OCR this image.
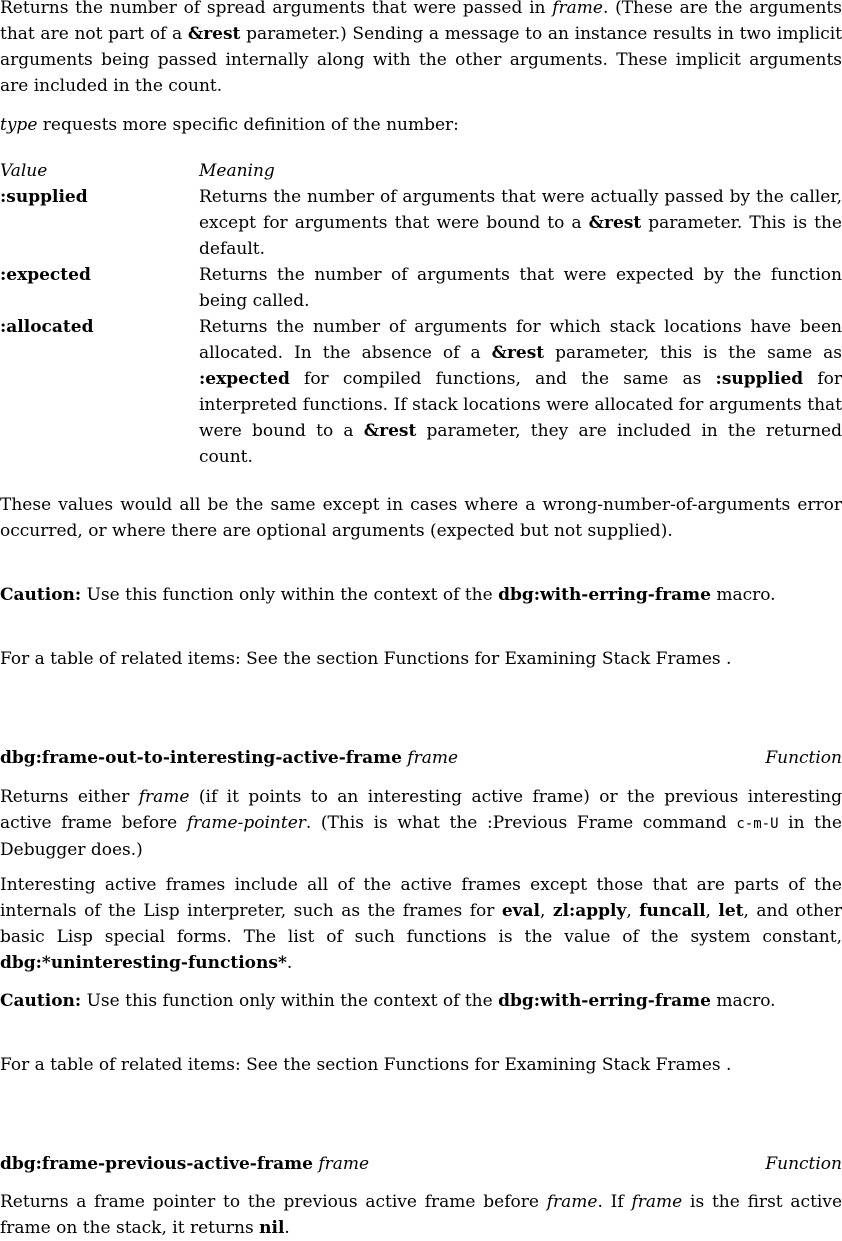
Returns the number of spread arguments that were passed in frame. (These are the arguments that are not part of a &rest parameter.) Sending a message to an instance results in two implicit arguments being passed internally along with the other arguments. These implicit arguments are included in the count.

type requests more specific definition of the number:

Value	Meaning
:supplied	Returns the number of arguments that were actually passed by the caller, except for arguments that were bound to a &rest parameter. This is the default.
:expected	Returns the number of arguments that were expected by the function being called.
:allocated	Returns the number of arguments for which stack locations have been allocated. In the absence of a &rest parameter, this is the same as :expected for compiled functions, and the same as :supplied for interpreted functions. If stack locations were allocated for arguments that were bound to a &rest parameter, they are included in the returned count.

These values would all be the same except in cases where a wrong-number-of-arguments error occurred, or where there are optional arguments (expected but not supplied).

Caution: Use this function only within the context of the dbg:with-erring-frame macro.

For a table of related items: See the section Functions for Examining Stack Frames .

dbg:frame-out-to-interesting-active-frame frame	Function

Returns either frame (if it points to an interesting active frame) or the previous interesting active frame before frame-pointer. (This is what the :Previous Frame command c-m-U in the Debugger does.)

Interesting active frames include all of the active frames except those that are parts of the internals of the Lisp interpreter, such as the frames for eval, zl:apply, funcall, let, and other basic Lisp special forms. The list of such functions is the value of the system constant, dbg:*uninteresting-functions*.

Caution: Use this function only within the context of the dbg:with-erring-frame macro.

For a table of related items: See the section Functions for Examining Stack Frames .

dbg:frame-previous-active-frame frame	Function

Returns a frame pointer to the previous active frame before frame. If frame is the first active frame on the stack, it returns nil.
